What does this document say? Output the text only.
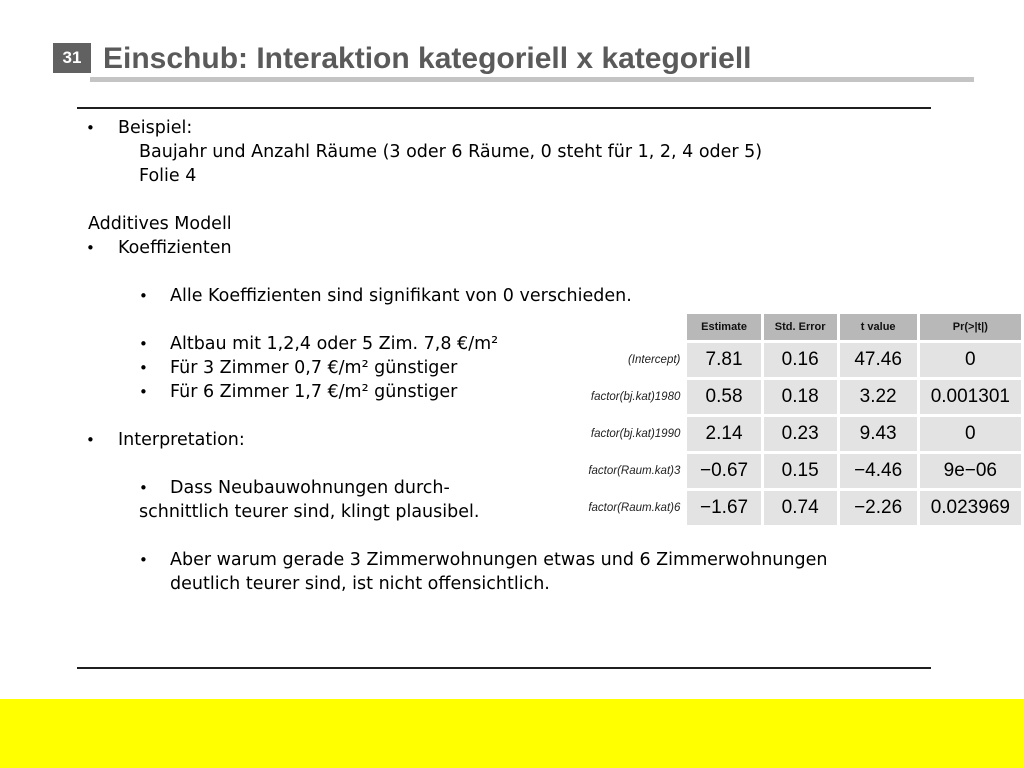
31 Einschub: Interaktion kategoriell x kategoriell
• Beispiel:
Baujahr und Anzahl Räume (3 oder 6 Räume, 0 steht für 1, 2, 4 oder 5)
Folie 4
Additives Modell
• Koeffizienten
• Alle Koeffizienten sind signifikant von 0 verschieden.
• Altbau mit 1,2,4 oder 5 Zim. 7,8 €/m²
• Für 3 Zimmer 0,7 €/m² günstiger
• Für 6 Zimmer 1,7 €/m² günstiger
• Interpretation:
• Dass Neubauwohnungen durch-
schnittlich teurer sind, klingt plausibel.
• Aber warum gerade 3 Zimmerwohnungen etwas und 6 Zimmerwohnungen
deutlich teurer sind, ist nicht offensichtlich.
	Estimate	Std. Error	t value	Pr(>|t|)
(Intercept)	7.81	0.16	47.46	0
factor(bj.kat)1980	0.58	0.18	3.22	0.001301
factor(bj.kat)1990	2.14	0.23	9.43	0
factor(Raum.kat)3	−0.67	0.15	−4.46	9e−06
factor(Raum.kat)6	−1.67	0.74	−2.26	0.023969
